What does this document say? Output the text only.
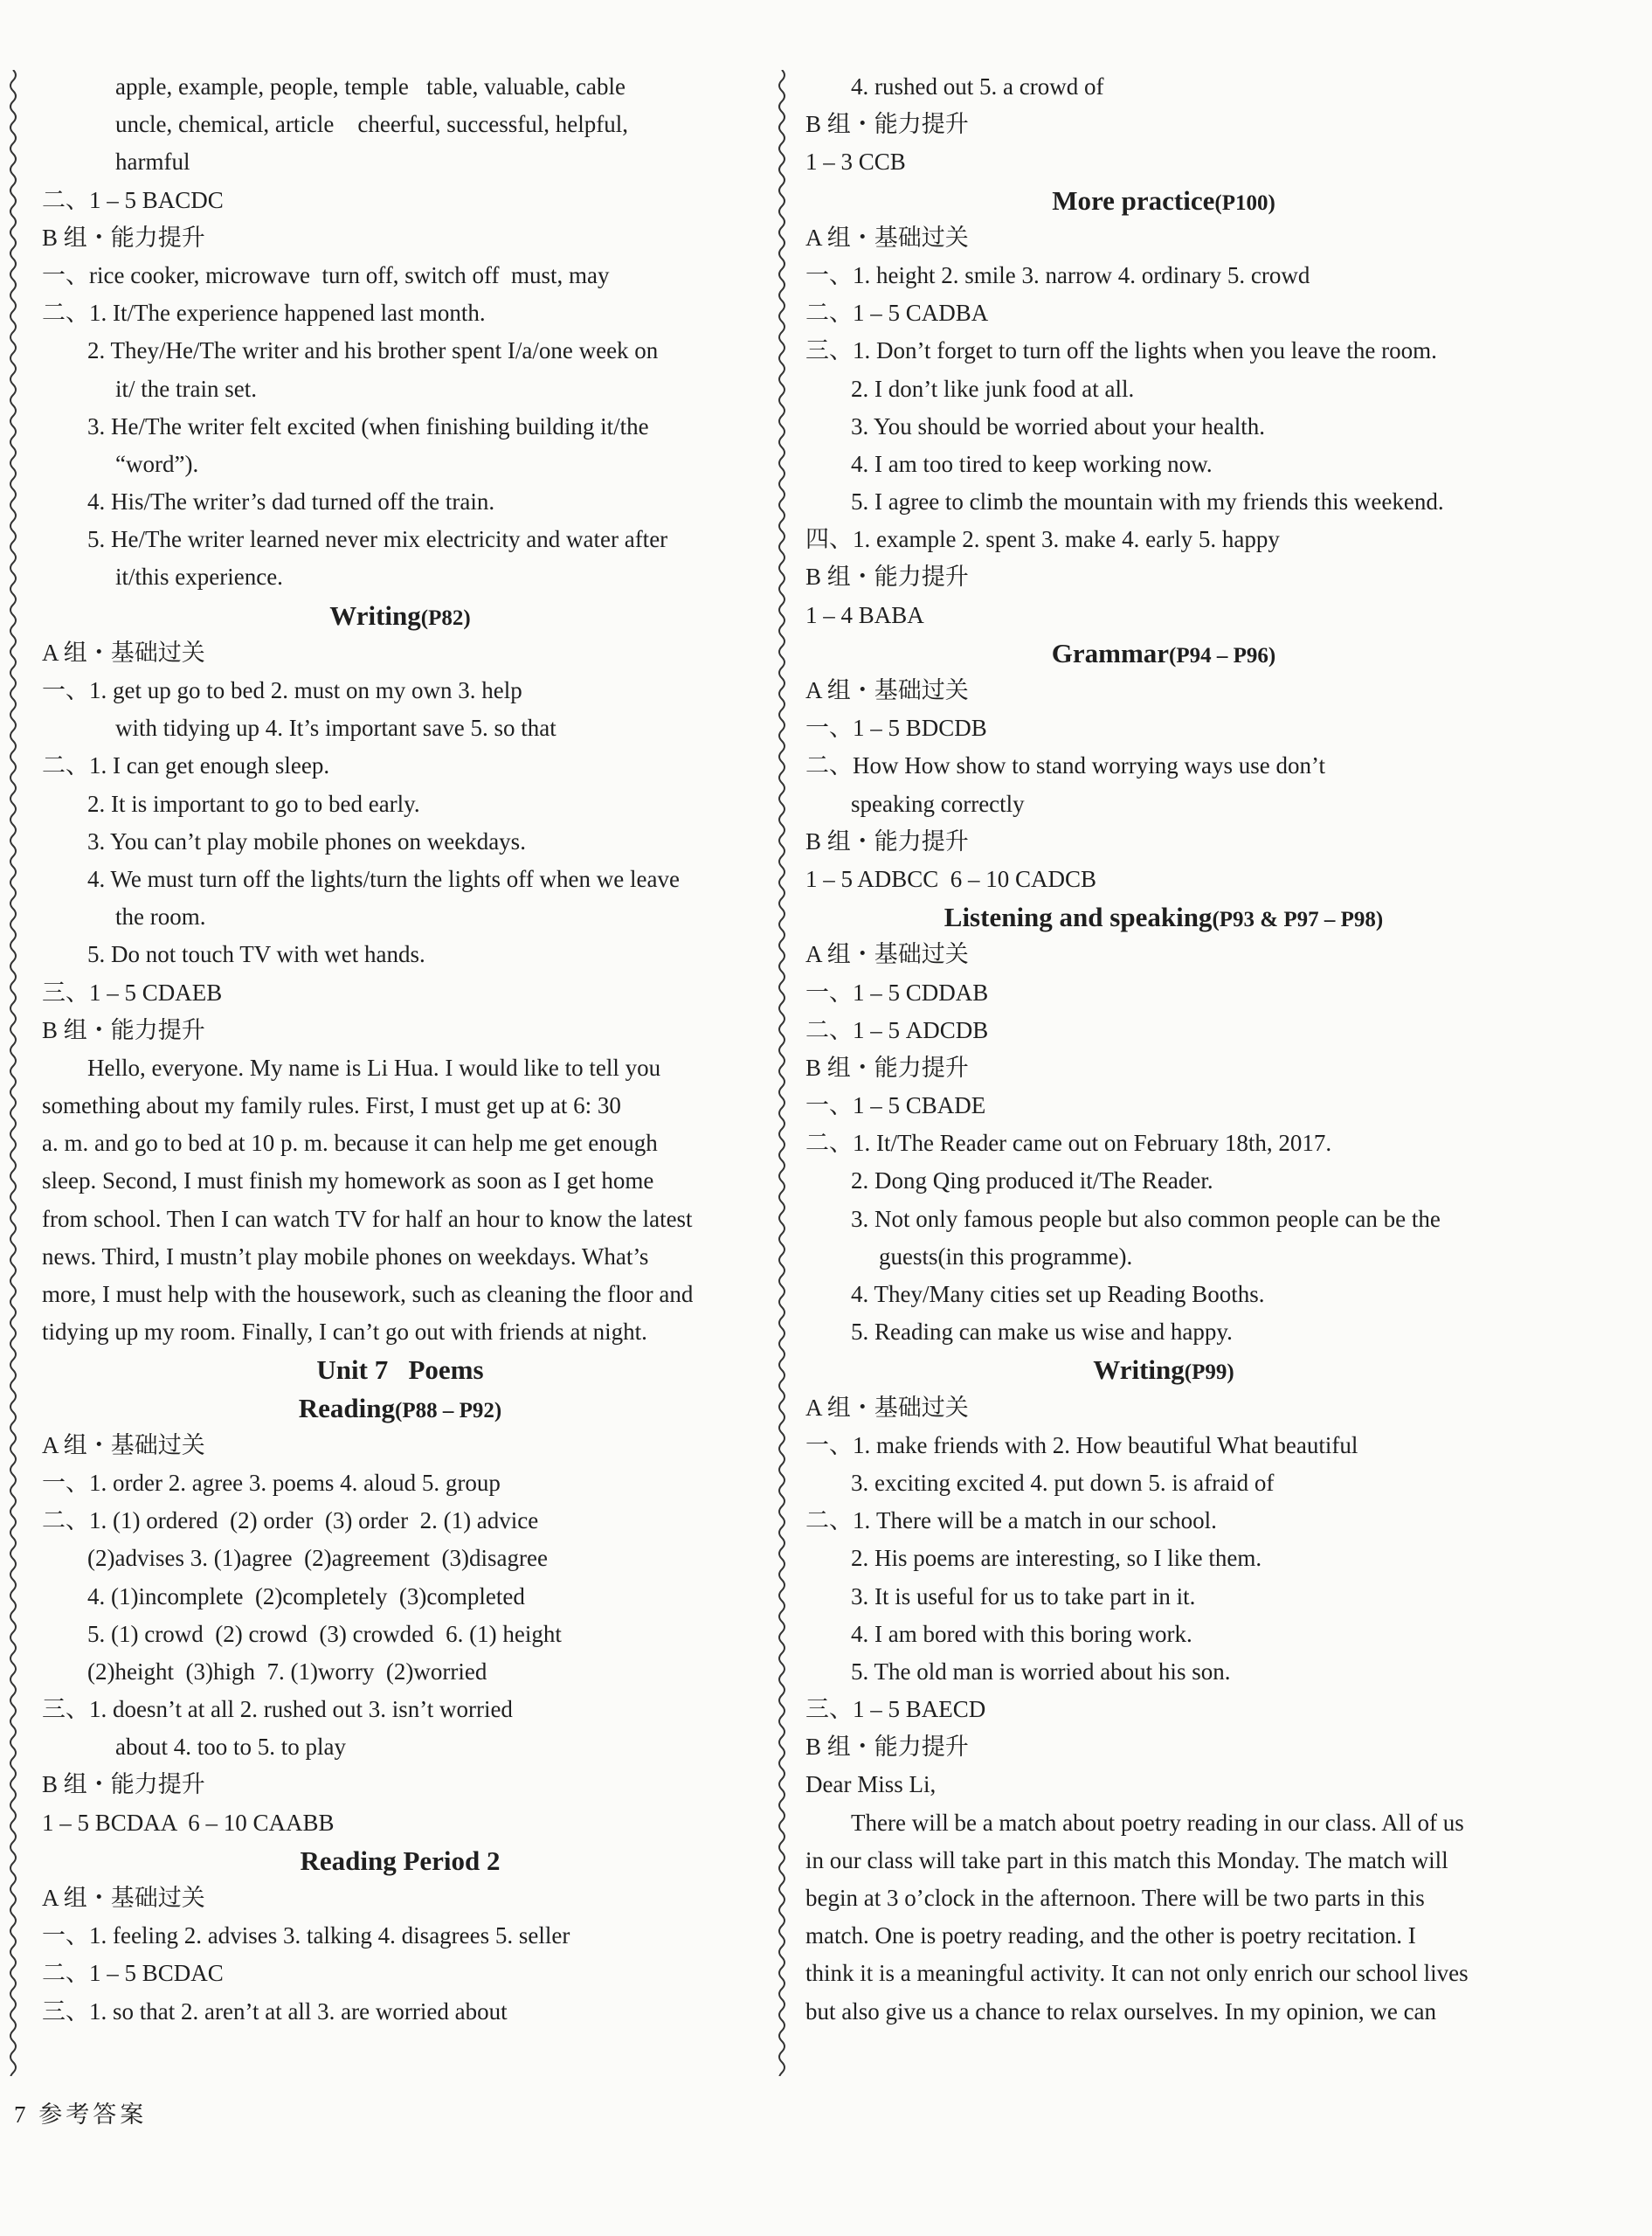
apple, example, people, temple   table, valuable, cable
uncle, chemical, article    cheerful, successful, helpful,
harmful
二、1 – 5 BACDC
B 组・能力提升
一、rice cooker, microwave  turn off, switch off  must, may
二、1. It/The experience happened last month.
2. They/He/The writer and his brother spent I/a/one week on
it/ the train set.
3. He/The writer felt excited (when finishing building it/the
“word”).
4. His/The writer’s dad turned off the train.
5. He/The writer learned never mix electricity and water after
it/this experience.
Writing(P82)
A 组・基础过关
一、1. get up go to bed 2. must on my own 3. help
with tidying up 4. It’s important save 5. so that
二、1. I can get enough sleep.
2. It is important to go to bed early.
3. You can’t play mobile phones on weekdays.
4. We must turn off the lights/turn the lights off when we leave
the room.
5. Do not touch TV with wet hands.
三、1 – 5 CDAEB
B 组・能力提升
Hello, everyone. My name is Li Hua. I would like to tell you
something about my family rules. First, I must get up at 6: 30
a. m. and go to bed at 10 p. m. because it can help me get enough
sleep. Second, I must finish my homework as soon as I get home
from school. Then I can watch TV for half an hour to know the latest
news. Third, I mustn’t play mobile phones on weekdays. What’s
more, I must help with the housework, such as cleaning the floor and
tidying up my room. Finally, I can’t go out with friends at night.
Unit 7   Poems
Reading(P88 – P92)
A 组・基础过关
一、1. order 2. agree 3. poems 4. aloud 5. group
二、1. (1) ordered  (2) order  (3) order  2. (1) advice
(2)advises 3. (1)agree  (2)agreement  (3)disagree
4. (1)incomplete  (2)completely  (3)completed
5. (1) crowd  (2) crowd  (3) crowded  6. (1) height
(2)height  (3)high  7. (1)worry  (2)worried
三、1. doesn’t at all 2. rushed out 3. isn’t worried
about 4. too to 5. to play
B 组・能力提升
1 – 5 BCDAA  6 – 10 CAABB
Reading Period 2
A 组・基础过关
一、1. feeling 2. advises 3. talking 4. disagrees 5. seller
二、1 – 5 BCDAC
三、1. so that 2. aren’t at all 3. are worried about
4. rushed out 5. a crowd of
B 组・能力提升
1 – 3 CCB
More practice(P100)
A 组・基础过关
一、1. height 2. smile 3. narrow 4. ordinary 5. crowd
二、1 – 5 CADBA
三、1. Don’t forget to turn off the lights when you leave the room.
2. I don’t like junk food at all.
3. You should be worried about your health.
4. I am too tired to keep working now.
5. I agree to climb the mountain with my friends this weekend.
四、1. example 2. spent 3. make 4. early 5. happy
B 组・能力提升
1 – 4 BABA
Grammar(P94 – P96)
A 组・基础过关
一、1 – 5 BDCDB
二、How How show to stand worrying ways use don’t
speaking correctly
B 组・能力提升
1 – 5 ADBCC  6 – 10 CADCB
Listening and speaking(P93 & P97 – P98)
A 组・基础过关
一、1 – 5 CDDAB
二、1 – 5 ADCDB
B 组・能力提升
一、1 – 5 CBADE
二、1. It/The Reader came out on February 18th, 2017.
2. Dong Qing produced it/The Reader.
3. Not only famous people but also common people can be the
guests(in this programme).
4. They/Many cities set up Reading Booths.
5. Reading can make us wise and happy.
Writing(P99)
A 组・基础过关
一、1. make friends with 2. How beautiful What beautiful
3. exciting excited 4. put down 5. is afraid of
二、1. There will be a match in our school.
2. His poems are interesting, so I like them.
3. It is useful for us to take part in it.
4. I am bored with this boring work.
5. The old man is worried about his son.
三、1 – 5 BAECD
B 组・能力提升
Dear Miss Li,
There will be a match about poetry reading in our class. All of us
in our class will take part in this match this Monday. The match will
begin at 3 o’clock in the afternoon. There will be two parts in this
match. One is poetry reading, and the other is poetry recitation. I
think it is a meaningful activity. It can not only enrich our school lives
but also give us a chance to relax ourselves. In my opinion, we can
7 参考答案
